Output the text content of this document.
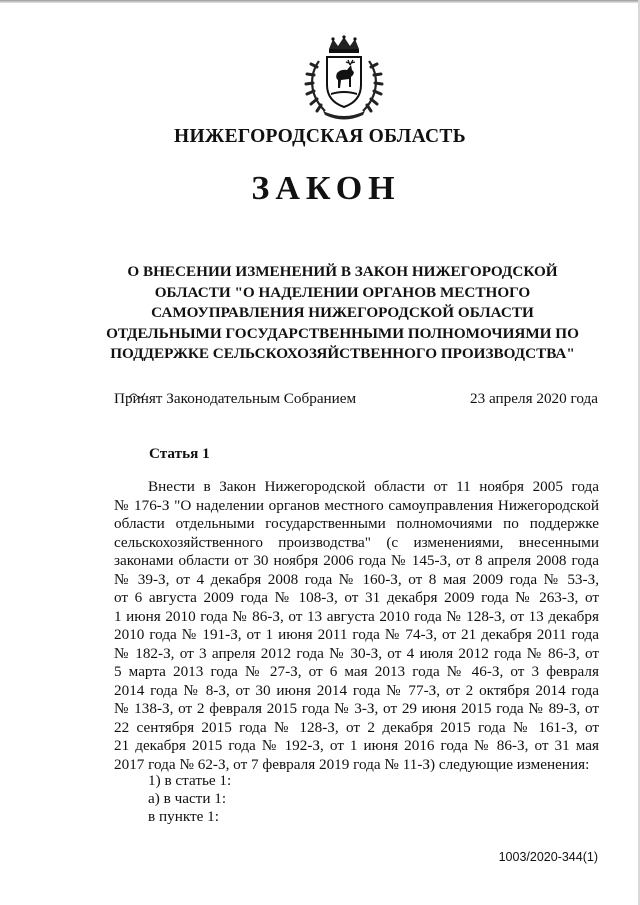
НИЖЕГОРОДСКАЯ ОБЛАСТЬ
ЗАКОН
О ВНЕСЕНИИ ИЗМЕНЕНИЙ В ЗАКОН НИЖЕГОРОДСКОЙ
ОБЛАСТИ "О НАДЕЛЕНИИ ОРГАНОВ МЕСТНОГО
САМОУПРАВЛЕНИЯ НИЖЕГОРОДСКОЙ ОБЛАСТИ
ОТДЕЛЬНЫМИ ГОСУДАРСТВЕННЫМИ ПОЛНОМОЧИЯМИ ПО
ПОДДЕРЖКЕ СЕЛЬСКОХОЗЯЙСТВЕННОГО ПРОИЗВОДСТВА"
Принят Законодательным Собранием	23 апреля 2020 года
Статья 1
Внести в Закон Нижегородской области от 11 ноября 2005 года
№ 176-З "О наделении органов местного самоуправления Нижегородской
области отдельными государственными полномочиями по поддержке
сельскохозяйственного производства" (с изменениями, внесенными
законами области от 30 ноября 2006 года № 145-З, от 8 апреля 2008 года
№ 39-З, от 4 декабря 2008 года № 160-З, от 8 мая 2009 года № 53-З,
от 6 августа 2009 года № 108-З, от 31 декабря 2009 года № 263-З, от
1 июня 2010 года № 86-З, от 13 августа 2010 года № 128-З, от 13 декабря
2010 года № 191-З, от 1 июня 2011 года № 74-З, от 21 декабря 2011 года
№ 182-З, от 3 апреля 2012 года № 30-З, от 4 июля 2012 года № 86-З, от
5 марта 2013 года № 27-З, от 6 мая 2013 года № 46-З, от 3 февраля
2014 года № 8-З, от 30 июня 2014 года № 77-З, от 2 октября 2014 года
№ 138-З, от 2 февраля 2015 года № 3-З, от 29 июня 2015 года № 89-З, от
22 сентября 2015 года № 128-З, от 2 декабря 2015 года № 161-З, от
21 декабря 2015 года № 192-З, от 1 июня 2016 года № 86-З, от 31 мая
2017 года № 62-З, от 7 февраля 2019 года № 11-З) следующие изменения:
1) в статье 1:
а) в части 1:
в пункте 1:
1003/2020-344(1)
